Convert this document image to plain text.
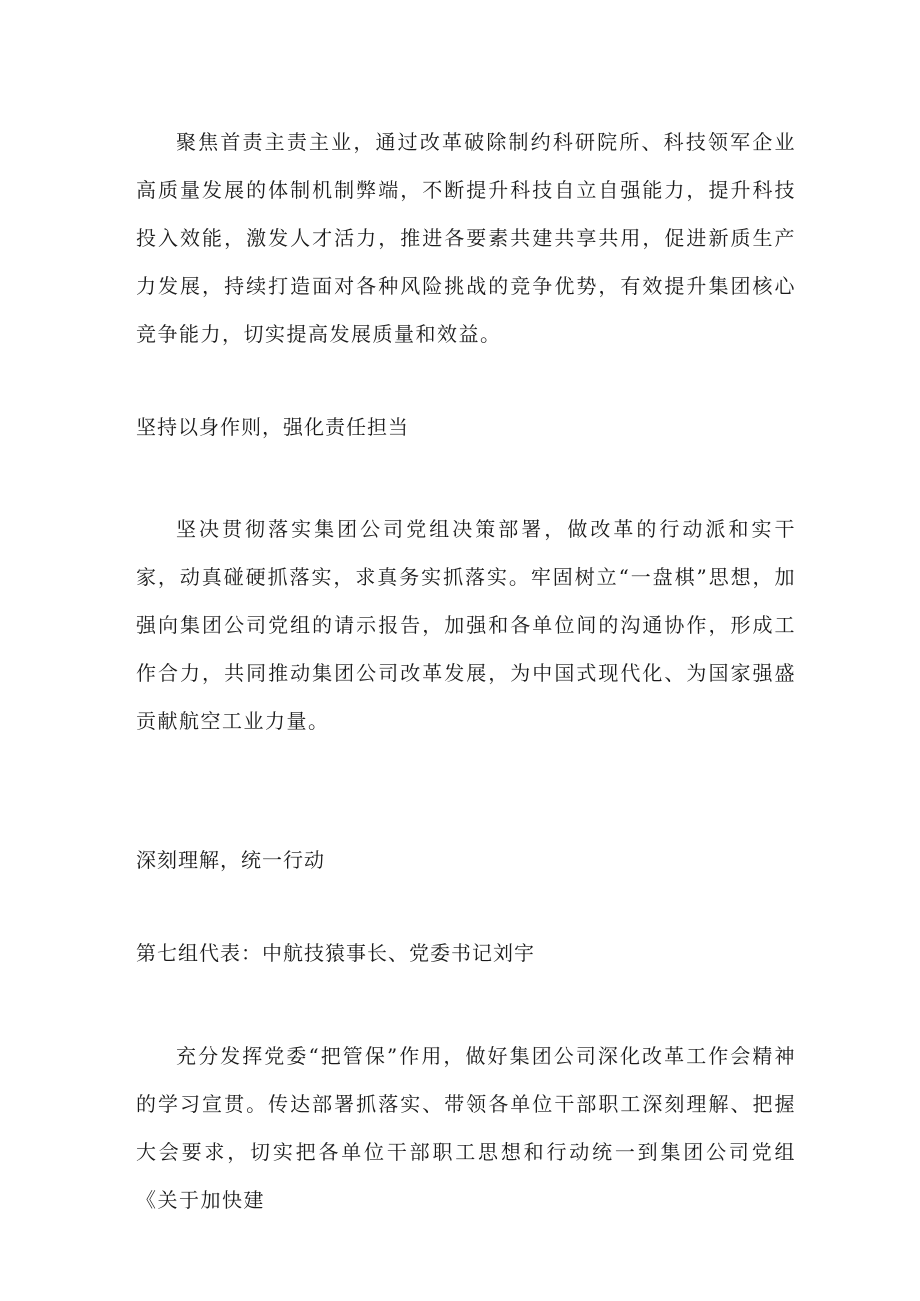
聚焦首责主责主业，通过改革破除制约科研院所、科技领军企业高质量发展的体制机制弊端，不断提升科技自立自强能力，提升科技投入效能，激发人才活力，推进各要素共建共享共用，促进新质生产力发展，持续打造面对各种风险挑战的竞争优势，有效提升集团核心竞争能力，切实提高发展质量和效益。

坚持以身作则，强化责任担当

坚决贯彻落实集团公司党组决策部署，做改革的行动派和实干家，动真碰硬抓落实，求真务实抓落实。牢固树立“一盘棋”思想，加强向集团公司党组的请示报告，加强和各单位间的沟通协作，形成工作合力，共同推动集团公司改革发展，为中国式现代化、为国家强盛贡献航空工业力量。

深刻理解，统一行动

第七组代表：中航技猿事长、党委书记刘宇

充分发挥党委“把管保”作用，做好集团公司深化改革工作会精神的学习宣贯。传达部署抓落实、带领各单位干部职工深刻理解、把握大会要求，切实把各单位干部职工思想和行动统一到集团公司党组《关于加快建
